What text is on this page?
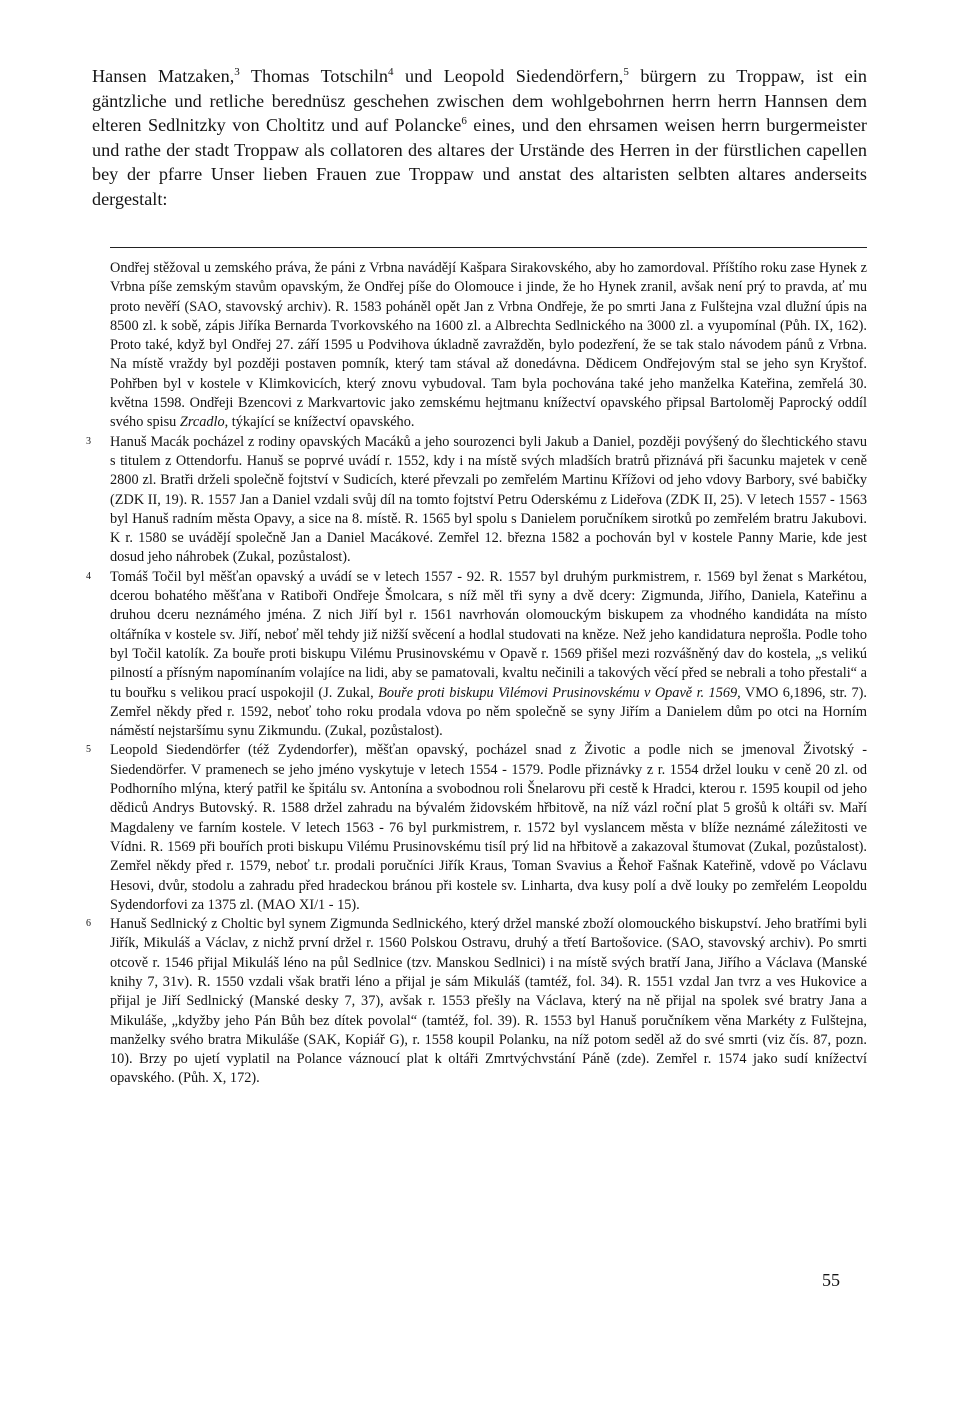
Hansen Matzaken,$^3$ Thomas Totschiln$^4$ und Leopold Siedendörfern,$^5$ bürgern zu Troppaw, ist ein gäntzliche und retliche berednüsz geschehen zwischen dem wohlgebohrnen herrn herrn Hannsen dem elteren Sedlnitzky von Choltitz und auf Polancke$^6$ eines, und den ehrsamen weisen herrn burgermeister und rathe der stadt Troppaw als collatoren des altares der Urstände des Herren in der fürstlichen capellen bey der pfarre Unser lieben Frauen zue Troppaw und anstat des altaristen selbten altares anderseits dergestalt:

Ondřej stěžoval u zemského práva, že páni z Vrbna navádějí Kašpara Sirakovského, aby ho zamordoval. Příštího roku zase Hynek z Vrbna píše zemským stavům opavským, že Ondřej píše do Olomouce i jinde, že ho Hynek zranil, avšak není prý to pravda, ať mu proto nevěří (SAO, stavovský archiv). R. 1583 poháněl opět Jan z Vrbna Ondřeje, že po smrti Jana z Fulštejna vzal dlužní úpis na 8500 zl. k sobě, zápis Jiříka Bernarda Tvorkovského na 1600 zl. a Albrechta Sedlnického na 3000 zl. a vyupomínal (Půh. IX, 162). Proto také, když byl Ondřej 27. září 1595 u Podvihova úkladně zavražděn, bylo podezření, že se tak stalo návodem pánů z Vrbna. Na místě vraždy byl později postaven pomník, který tam stával až donedávna. Dědicem Ondřejovým stal se jeho syn Kryštof. Pohřben byl v kostele v Klimkovicích, který znovu vybudoval. Tam byla pochována také jeho manželka Kateřina, zemřelá 30. května 1598. Ondřeji Bzencovi z Markvartovic jako zemskému hejtmanu knížectví opavského připsal Bartoloměj Paprocký oddíl svého spisu Zrcadlo, týkající se knížectví opavského.
3 Hanuš Macák pocházel z rodiny opavských Macáků a jeho sourozenci byli Jakub a Daniel, později povýšený do šlechtického stavu s titulem z Ottendorfu. Hanuš se poprvé uvádí r. 1552, kdy i na místě svých mladších bratrů přiznává při šacunku majetek v ceně 2800 zl. Bratři drželi společně fojtství v Sudicích, které převzali po zemřelém Martinu Křížovi od jeho vdovy Barbory, své babičky (ZDK II, 19). R. 1557 Jan a Daniel vzdali svůj díl na tomto fojtství Petru Oderskému z Lideřova (ZDK II, 25). V letech 1557 - 1563 byl Hanuš radním města Opavy, a sice na 8. místě. R. 1565 byl spolu s Danielem poručníkem sirotků po zemřelém bratru Jakubovi. K r. 1580 se uvádějí společně Jan a Daniel Macákové. Zemřel 12. března 1582 a pochován byl v kostele Panny Marie, kde jest dosud jeho náhrobek (Zukal, pozůstalost).
4 Tomáš Točil byl měšťan opavský a uvádí se v letech 1557 - 92. R. 1557 byl druhým purkmistrem, r. 1569 byl ženat s Markétou, dcerou bohatého měšťana v Ratiboři Ondřeje Šmolcara, s níž měl tři syny a dvě dcery: Zigmunda, Jiřího, Daniela, Kateřinu a druhou dceru neznámého jména. Z nich Jiří byl r. 1561 navrhován olomouckým biskupem za vhodného kandidáta na místo oltářníka v kostele sv. Jiří, neboť měl tehdy již nižší svěcení a hodlal studovati na kněze. Než jeho kandidatura neprošla. Podle toho byl Točil katolík. Za bouře proti biskupu Vilému Prusinovskému v Opavě r. 1569 přišel mezi rozvášněný dav do kostela, „s velikú pilností a přísným napomínaním volajíce na lidi, aby se pamatovali, kvaltu nečinili a takových věcí před se nebrali a toho přestali“ a tu bouřku s velikou prací uspokojil (J. Zukal, Bouře proti biskupu Vilémovi Prusinovskému v Opavě r. 1569, VMO 6,1896, str. 7). Zemřel někdy před r. 1592, neboť toho roku prodala vdova po něm společně se syny Jiřím a Danielem dům po otci na Horním náměstí nejstaršímu synu Zikmundu. (Zukal, pozůstalost).
5 Leopold Siedendörfer (též Zydendorfer), měšťan opavský, pocházel snad z Životic a podle nich se jmenoval Životský - Siedendörfer. V pramenech se jeho jméno vyskytuje v letech 1554 - 1579. Podle přiznávky z r. 1554 držel louku v ceně 20 zl. od Podhorního mlýna, který patřil ke špitálu sv. Antonína a svobodnou roli Šnelarovu při cestě k Hradci, kterou r. 1595 koupil od jeho dědiců Andrys Butovský. R. 1588 držel zahradu na bývalém židovském hřbitově, na níž vázl roční plat 5 grošů k oltáři sv. Maří Magdaleny ve farním kostele. V letech 1563 - 76 byl purkmistrem, r. 1572 byl vyslancem města v blíže neznámé záležitosti ve Vídni. R. 1569 při bouřích proti biskupu Vilému Prusinovskému tisíl prý lid na hřbitově a zakazoval štumovat (Zukal, pozůstalost). Zemřel někdy před r. 1579, neboť t.r. prodali poručníci Jiřík Kraus, Toman Svavius a Řehoř Fašnak Kateřině, vdově po Václavu Hesovi, dvůr, stodolu a zahradu před hradeckou bránou při kostele sv. Linharta, dva kusy polí a dvě louky po zemřelém Leopoldu Sydendorfovi za 1375 zl. (MAO XI/1 - 15).
6 Hanuš Sedlnický z Choltic byl synem Zigmunda Sedlnického, který držel manské zboží olomouckého biskupství. Jeho bratřími byli Jiřík, Mikuláš a Václav, z nichž první držel r. 1560 Polskou Ostravu, druhý a třetí Bartošovice. (SAO, stavovský archiv). Po smrti otcově r. 1546 přijal Mikuláš léno na půl Sedlnice (tzv. Manskou Sedlnici) i na místě svých bratří Jana, Jiřího a Václava (Manské knihy 7, 31v). R. 1550 vzdali však bratři léno a přijal je sám Mikuláš (tamtéž, fol. 34). R. 1551 vzdal Jan tvrz a ves Hukovice a přijal je Jiří Sedlnický (Manské desky 7, 37), avšak r. 1553 přešly na Václava, který na ně přijal na spolek své bratry Jana a Mikuláše, „kdyžby jeho Pán Bůh bez dítek povolal“ (tamtéž, fol. 39). R. 1553 byl Hanuš poručníkem věna Markéty z Fulštejna, manželky svého bratra Mikuláše (SAK, Kopiář G), r. 1558 koupil Polanku, na níž potom seděl až do své smrti (viz čís. 87, pozn. 10). Brzy po ujetí vyplatil na Polance váznoucí plat k oltáři Zmrtvýchvstání Páně (zde). Zemřel r. 1574 jako sudí knížectví opavského. (Půh. X, 172).
55
